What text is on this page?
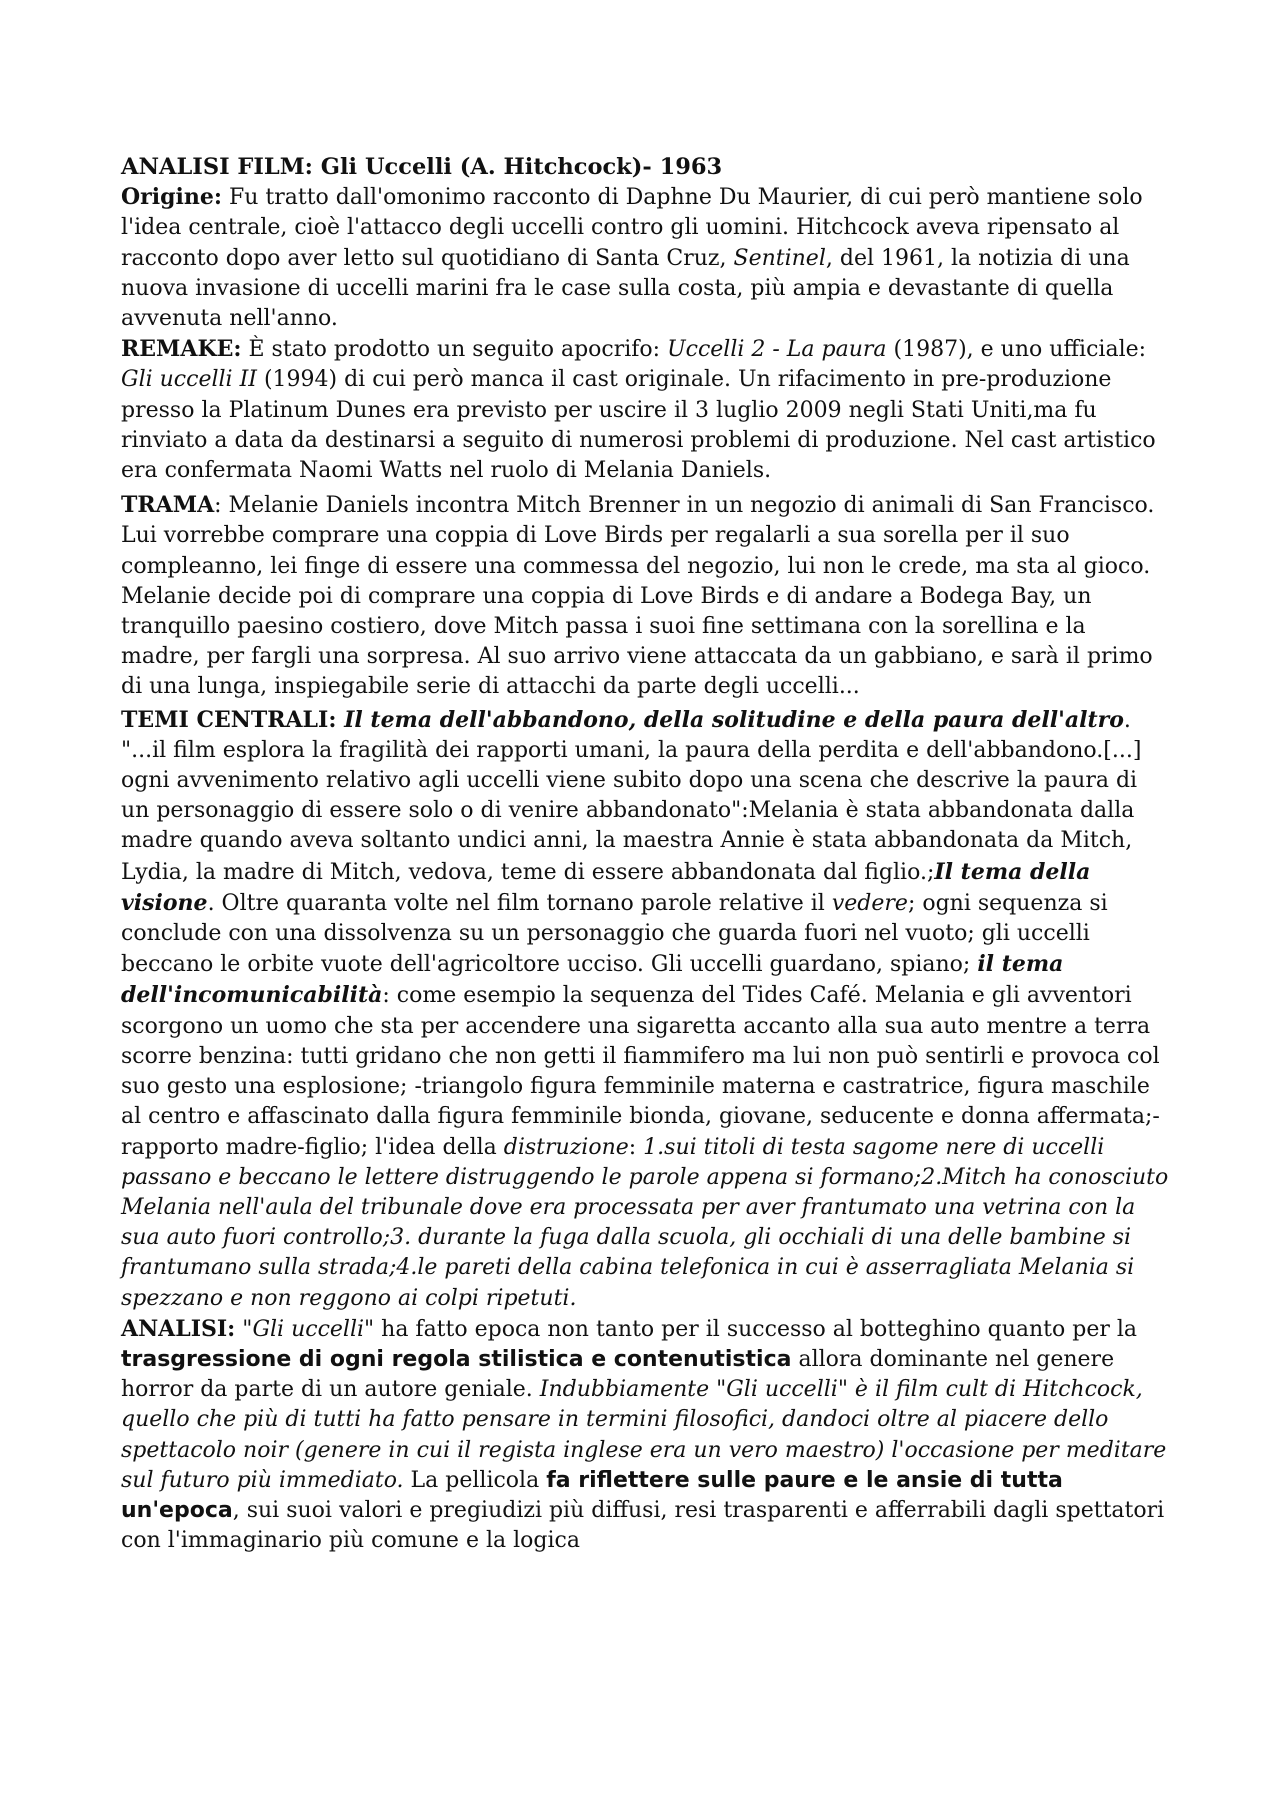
ANALISI FILM: Gli Uccelli (A. Hitchcock)- 1963

Origine: Fu tratto dall'omonimo racconto di Daphne Du Maurier, di cui però mantiene solo l'idea centrale, cioè l'attacco degli uccelli contro gli uomini. Hitchcock aveva ripensato al racconto dopo aver letto sul quotidiano di Santa Cruz, Sentinel, del 1961, la notizia di una nuova invasione di uccelli marini fra le case sulla costa, più ampia e devastante di quella avvenuta nell'anno.

REMAKE: È stato prodotto un seguito apocrifo: Uccelli 2 - La paura (1987), e uno ufficiale: Gli uccelli II (1994) di cui però manca il cast originale. Un rifacimento in pre-produzione presso la Platinum Dunes era previsto per uscire il 3 luglio 2009 negli Stati Uniti,ma fu rinviato a data da destinarsi a seguito di numerosi problemi di produzione. Nel cast artistico era confermata Naomi Watts nel ruolo di Melania Daniels.

TRAMA: Melanie Daniels incontra Mitch Brenner in un negozio di animali di San Francisco. Lui vorrebbe comprare una coppia di Love Birds per regalarli a sua sorella per il suo compleanno, lei finge di essere una commessa del negozio, lui non le crede, ma sta al gioco. Melanie decide poi di comprare una coppia di Love Birds e di andare a Bodega Bay, un tranquillo paesino costiero, dove Mitch passa i suoi fine settimana con la sorellina e la madre, per fargli una sorpresa. Al suo arrivo viene attaccata da un gabbiano, e sarà il primo di una lunga, inspiegabile serie di attacchi da parte degli uccelli...

TEMI CENTRALI: Il tema dell'abbandono, della solitudine e della paura dell'altro. "...il film esplora la fragilità dei rapporti umani, la paura della perdita e dell'abbandono.[...] ogni avvenimento relativo agli uccelli viene subito dopo una scena che descrive la paura di un personaggio di essere solo o di venire abbandonato":Melania è stata abbandonata dalla madre quando aveva soltanto undici anni, la maestra Annie è stata abbandonata da Mitch, Lydia, la madre di Mitch, vedova, teme di essere abbandonata dal figlio.;Il tema della visione. Oltre quaranta volte nel film tornano parole relative il vedere; ogni sequenza si conclude con una dissolvenza su un personaggio che guarda fuori nel vuoto; gli uccelli beccano le orbite vuote dell'agricoltore ucciso. Gli uccelli guardano, spiano; il tema dell'incomunicabilità: come esempio la sequenza del Tides Café. Melania e gli avventori scorgono un uomo che sta per accendere una sigaretta accanto alla sua auto mentre a terra scorre benzina: tutti gridano che non getti il fiammifero ma lui non può sentirli e provoca col suo gesto una esplosione; -triangolo figura femminile materna e castratrice, figura maschile al centro e affascinato dalla figura femminile bionda, giovane, seducente e donna affermata;-rapporto madre-figlio; l'idea della distruzione: 1.sui titoli di testa sagome nere di uccelli passano e beccano le lettere distruggendo le parole appena si formano;2.Mitch ha conosciuto Melania nell'aula del tribunale dove era processata per aver frantumato una vetrina con la sua auto fuori controllo;3. durante la fuga dalla scuola, gli occhiali di una delle bambine si frantumano sulla strada;4.le pareti della cabina telefonica in cui è asserragliata Melania si spezzano e non reggono ai colpi ripetuti.

ANALISI: "Gli uccelli" ha fatto epoca non tanto per il successo al botteghino quanto per la trasgressione di ogni regola stilistica e contenutistica allora dominante nel genere horror da parte di un autore geniale. Indubbiamente "Gli uccelli" è il film cult di Hitchcock, quello che più di tutti ha fatto pensare in termini filosofici, dandoci oltre al piacere dello spettacolo noir (genere in cui il regista inglese era un vero maestro) l'occasione per meditare sul futuro più immediato. La pellicola fa riflettere sulle paure e le ansie di tutta un'epoca, sui suoi valori e pregiudizi più diffusi, resi trasparenti e afferrabili dagli spettatori con l'immaginario più comune e la logica
